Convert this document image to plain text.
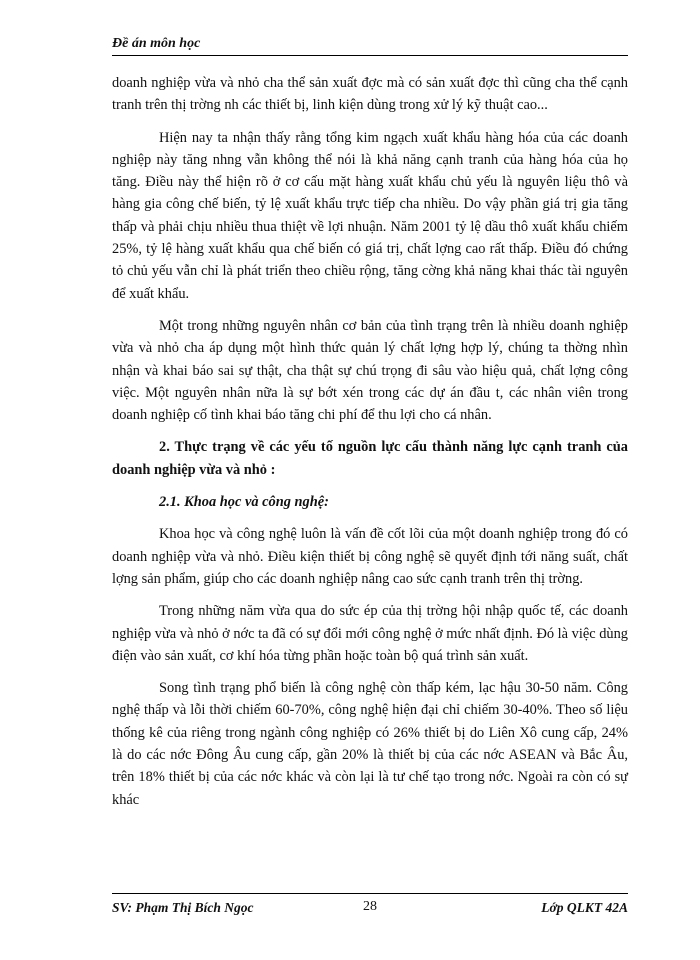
Đề án môn học

doanh nghiệp vừa và nhỏ cha thể sản xuất đợc mà có sản xuất đợc thì cũng cha thể cạnh tranh trên thị trờng nh các thiết bị, linh kiện dùng trong xử lý kỹ thuật cao...

Hiện nay ta nhận thấy rằng tổng kim ngạch xuất khẩu hàng hóa của các doanh nghiệp này tăng nhng vẫn không thể nói là khả năng cạnh tranh của hàng hóa của họ tăng. Điều này thể hiện rõ ở cơ cấu mặt hàng xuất khẩu chủ yếu là nguyên liệu thô và hàng gia công chế biến, tỷ lệ xuất khẩu trực tiếp cha nhiều. Do vậy phần giá trị gia tăng thấp và phải chịu nhiều thua thiệt về lợi nhuận. Năm 2001 tỷ lệ dầu thô xuất khẩu chiếm 25%, tỷ lệ hàng xuất khẩu qua chế biến có giá trị, chất lợng cao rất thấp. Điều đó chứng tỏ chủ yếu vẫn chỉ là phát triển theo chiều rộng, tăng cờng khả năng khai thác tài nguyên để xuất khẩu.

Một trong những nguyên nhân cơ bản của tình trạng trên là nhiều doanh nghiệp vừa và nhỏ cha áp dụng một hình thức quản lý chất lợng hợp lý, chúng ta thờng nhìn nhận và khai báo sai sự thật, cha thật sự chú trọng đi sâu vào hiệu quả, chất lợng công việc. Một nguyên nhân nữa là sự bớt xén trong các dự án đầu t, các nhân viên trong doanh nghiệp cố tình khai báo tăng chi phí để thu lợi cho cá nhân.

2. Thực trạng về các yếu tố nguồn lực cấu thành năng lực cạnh tranh của doanh nghiệp vừa và nhỏ :

2.1. Khoa học và công nghệ:

Khoa học và công nghệ luôn là vấn đề cốt lõi của một doanh nghiệp trong đó có doanh nghiệp vừa và nhỏ. Điều kiện thiết bị công nghệ sẽ quyết định tới năng suất, chất lợng sản phẩm, giúp cho các doanh nghiệp nâng cao sức cạnh tranh trên thị trờng.

Trong những năm vừa qua do sức ép của thị trờng hội nhập quốc tế, các doanh nghiệp vừa và nhỏ ở nớc ta đã có sự đổi mới công nghệ ở mức nhất định. Đó là việc dùng điện vào sản xuất, cơ khí hóa từng phần hoặc toàn bộ quá trình sản xuất.

Song tình trạng phổ biến là công nghệ còn thấp kém, lạc hậu 30-50 năm. Công nghệ thấp và lỗi thời chiếm 60-70%, công nghệ hiện đại chỉ chiếm 30-40%. Theo số liệu thống kê của riêng trong ngành công nghiệp có 26% thiết bị do Liên Xô cung cấp, 24% là do các nớc Đông Âu cung cấp, gần 20% là thiết bị của các nớc ASEAN và Bắc Âu, trên 18% thiết bị của các nớc khác và còn lại là tư chế tạo trong nớc. Ngoài ra còn có sự khác

SV: Phạm Thị Bích Ngọc	28	Lớp QLKT 42A
